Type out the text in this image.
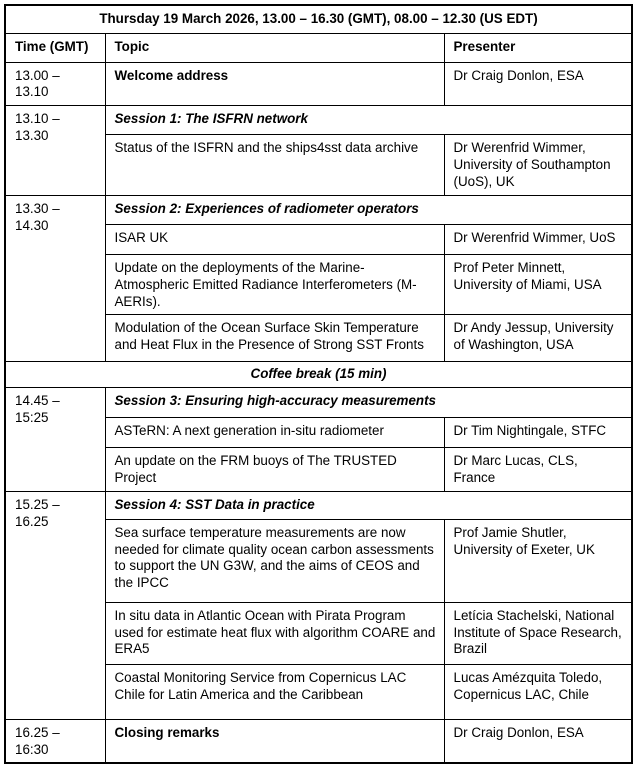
Thursday 19 March 2026, 13.00 – 16.30 (GMT), 08.00 – 12.30 (US EDT)		
Time (GMT)	Topic	Presenter
13.00 – 13.10	Welcome address	Dr Craig Donlon, ESA
13.10 – 13.30	Session 1: The ISFRN network	
	Status of the ISFRN and the ships4sst data archive	Dr Werenfrid Wimmer, University of Southampton (UoS), UK
13.30 – 14.30	Session 2: Experiences of radiometer operators	
	ISAR UK	Dr Werenfrid Wimmer, UoS
	Update on the deployments of the Marine-Atmospheric Emitted Radiance Interferometers (M-AERIs).	Prof Peter Minnett, University of Miami, USA
	Modulation of the Ocean Surface Skin Temperature and Heat Flux in the Presence of Strong SST Fronts	Dr Andy Jessup, University of Washington, USA
Coffee break (15 min)		
14.45 – 15:25	Session 3: Ensuring high-accuracy measurements	
	ASTeRN: A next generation in-situ radiometer	Dr Tim Nightingale, STFC
	An update on the FRM buoys of The TRUSTED Project	Dr Marc Lucas, CLS, France
15.25 – 16.25	Session 4: SST Data in practice	
	Sea surface temperature measurements are now needed for climate quality ocean carbon assessments to support the UN G3W, and the aims of CEOS and the IPCC	Prof Jamie Shutler, University of Exeter, UK
	In situ data in Atlantic Ocean with Pirata Program used for estimate heat flux with algorithm COARE and ERA5	Letícia Stachelski, National Institute of Space Research, Brazil
	Coastal Monitoring Service from Copernicus LAC Chile for Latin America and the Caribbean	Lucas Amézquita Toledo, Copernicus LAC, Chile
16.25 – 16:30	Closing remarks	Dr Craig Donlon, ESA
